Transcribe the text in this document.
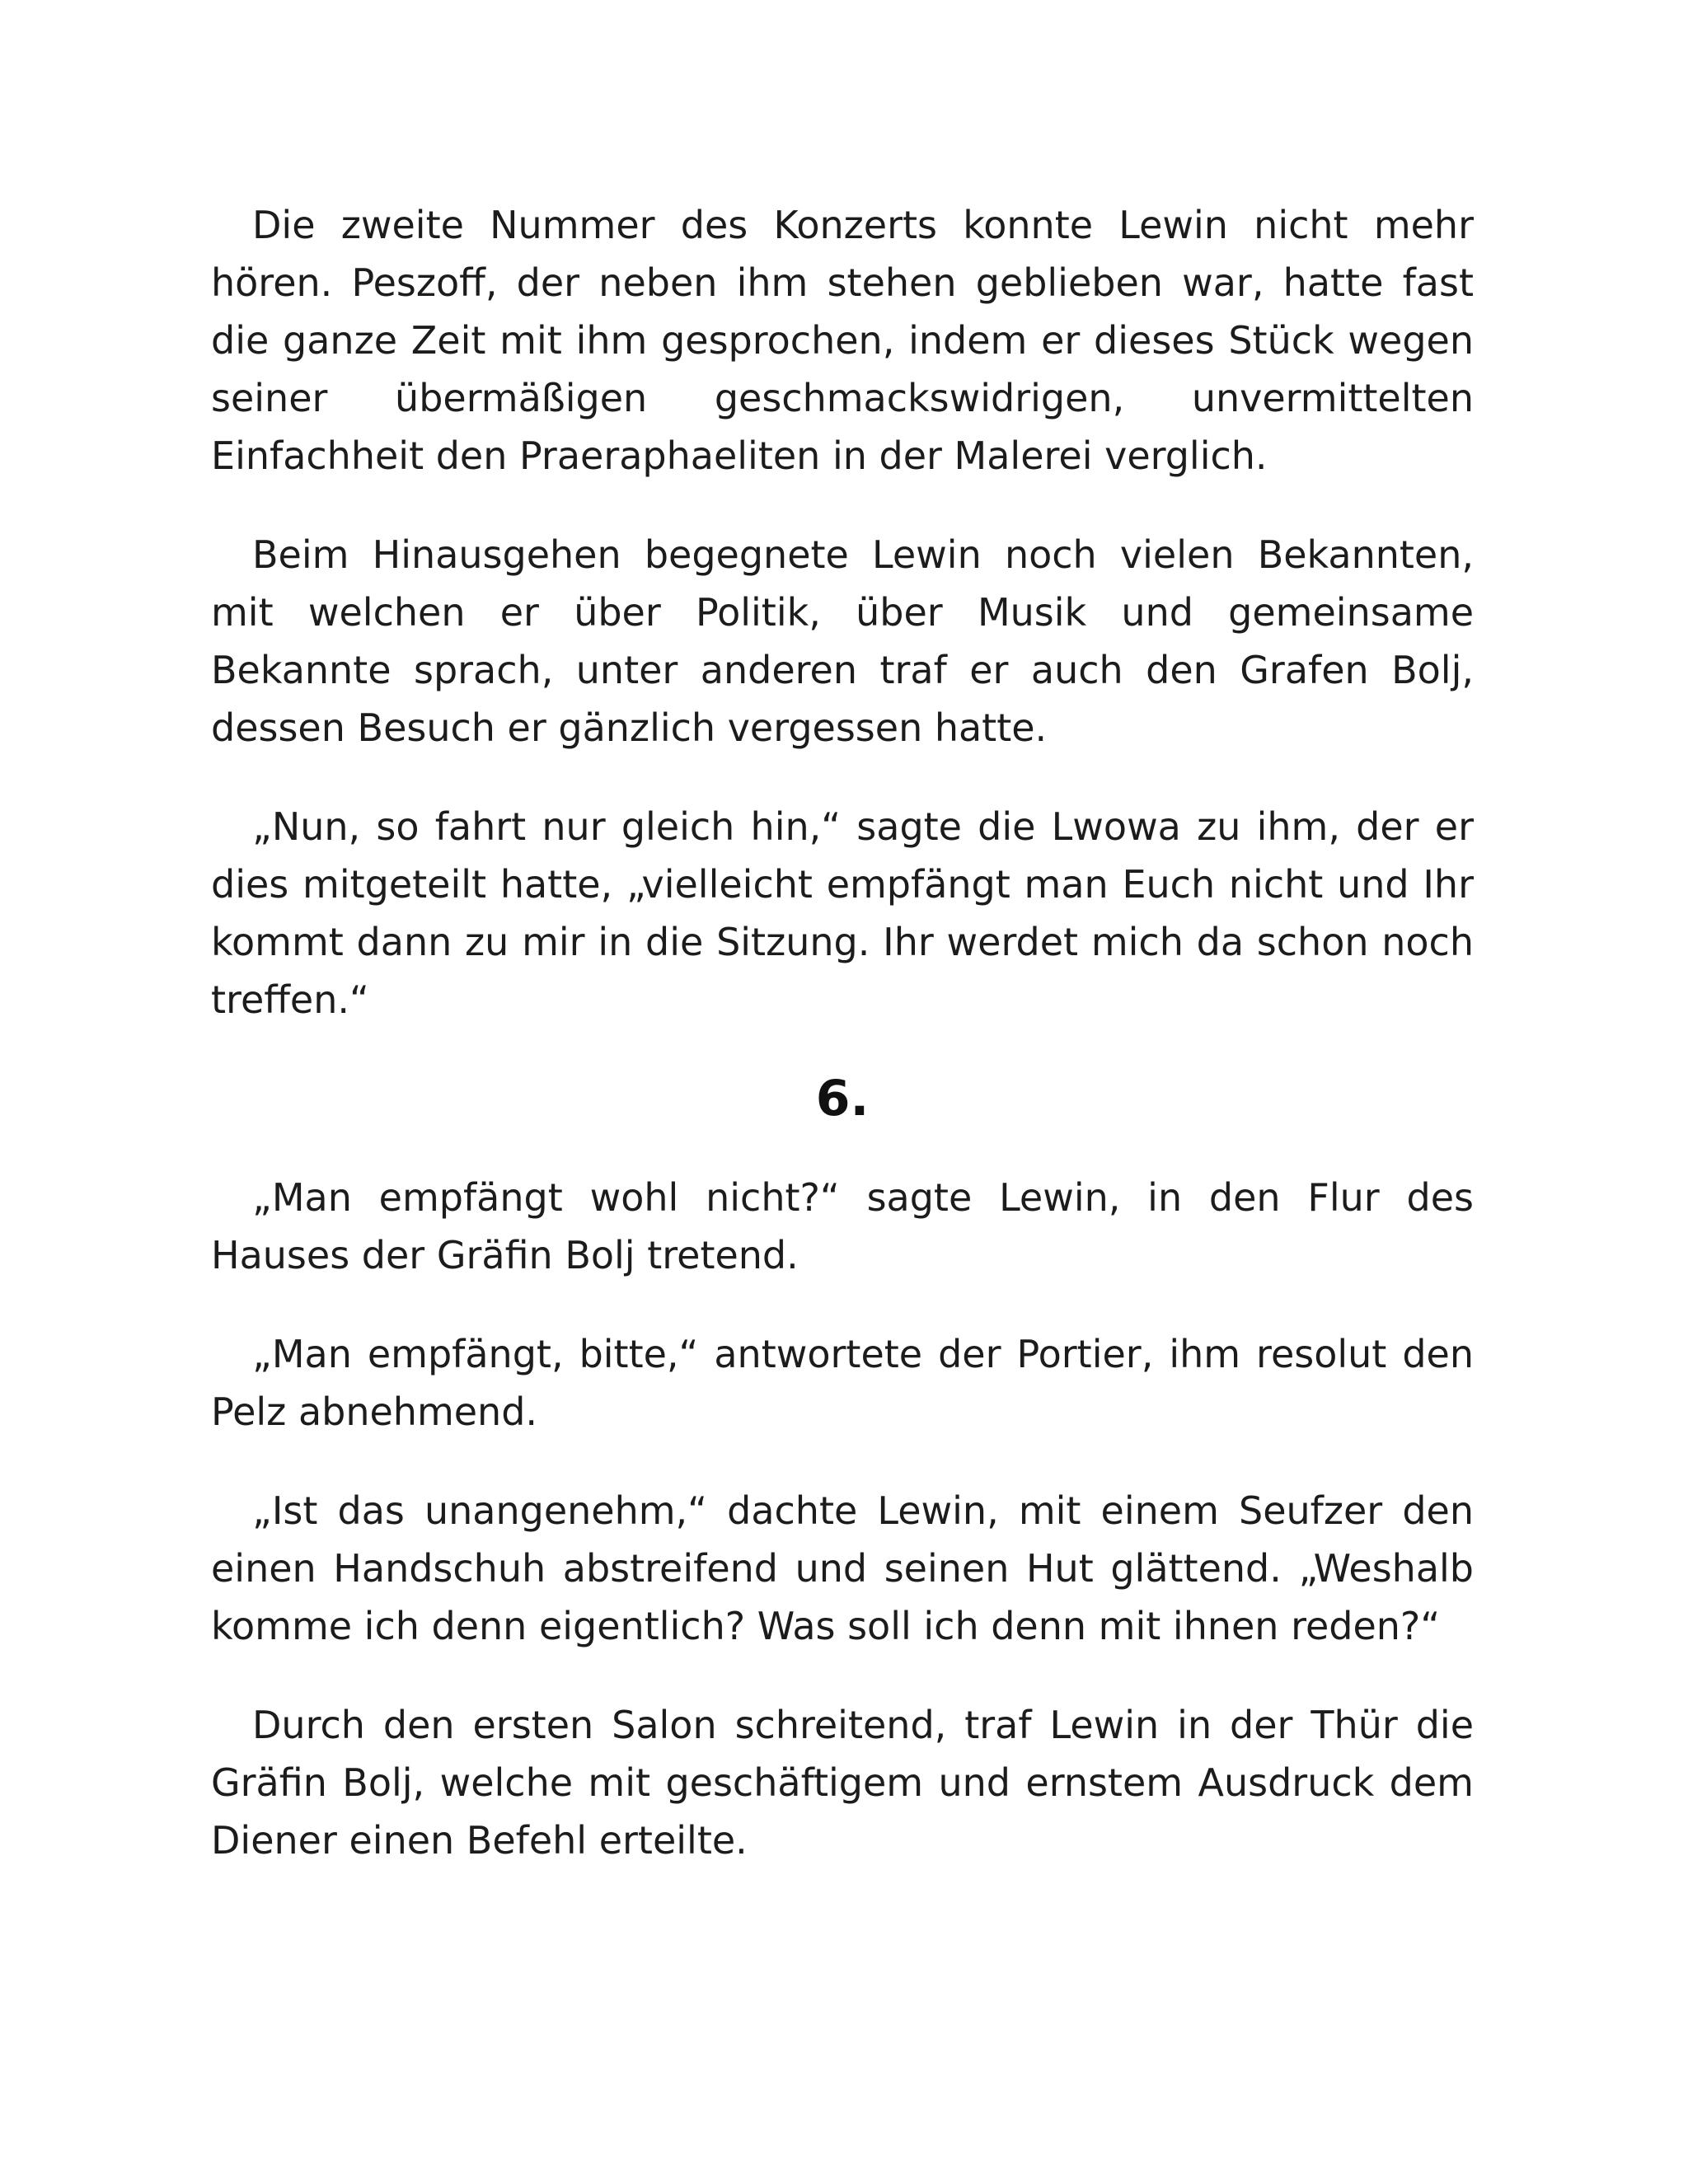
Die zweite Nummer des Konzerts konnte Lewin nicht mehr hören. Peszoff, der neben ihm stehen geblieben war, hatte fast die ganze Zeit mit ihm gesprochen, indem er dieses Stück wegen seiner übermäßigen geschmackswidrigen, unvermittelten Einfachheit den Praeraphaeliten in der Malerei verglich.

Beim Hinausgehen begegnete Lewin noch vielen Bekannten, mit welchen er über Politik, über Musik und gemeinsame Bekannte sprach, unter anderen traf er auch den Grafen Bolj, dessen Besuch er gänzlich vergessen hatte.

„Nun, so fahrt nur gleich hin,“ sagte die Lwowa zu ihm, der er dies mitgeteilt hatte, „vielleicht empfängt man Euch nicht und Ihr kommt dann zu mir in die Sitzung. Ihr werdet mich da schon noch treffen.“

6.

„Man empfängt wohl nicht?“ sagte Lewin, in den Flur des Hauses der Gräfin Bolj tretend.

„Man empfängt, bitte,“ antwortete der Portier, ihm resolut den Pelz abnehmend.

„Ist das unangenehm,“ dachte Lewin, mit einem Seufzer den einen Handschuh abstreifend und seinen Hut glättend. „Weshalb komme ich denn eigentlich? Was soll ich denn mit ihnen reden?“

Durch den ersten Salon schreitend, traf Lewin in der Thür die Gräfin Bolj, welche mit geschäftigem und ernstem Ausdruck dem Diener einen Befehl erteilte.
